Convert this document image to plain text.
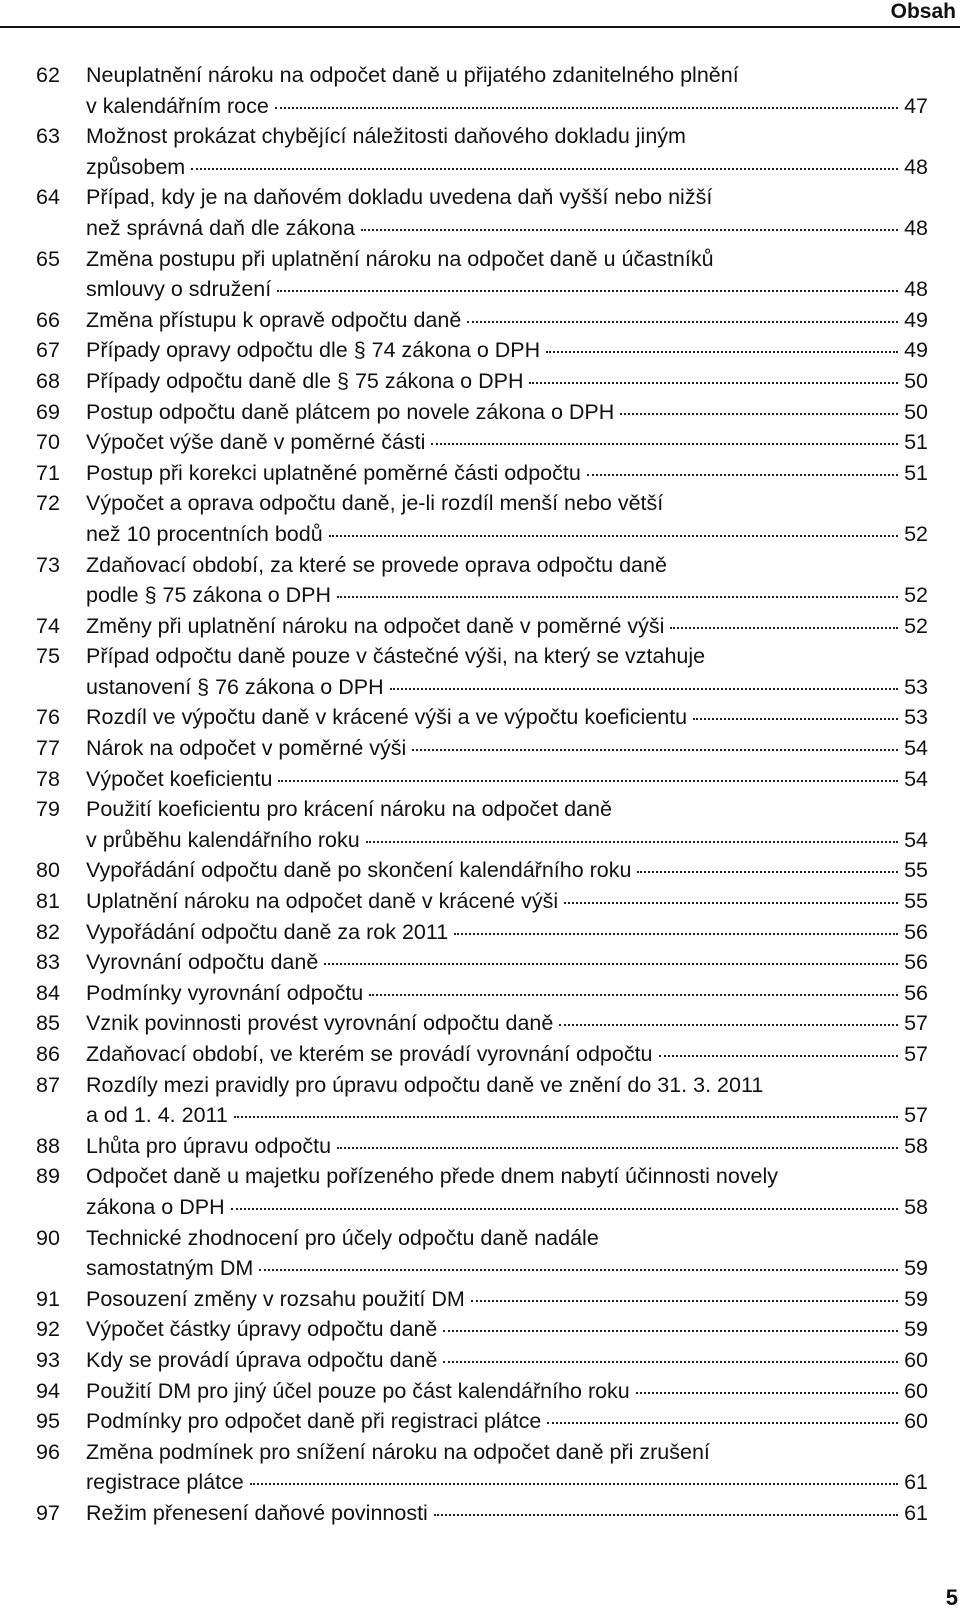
Obsah
62	Neuplatnění nároku na odpočet daně u přijatého zdanitelného plnění
v kalendářním roce	47
63	Možnost prokázat chybějící náležitosti daňového dokladu jiným
způsobem	48
64	Případ, kdy je na daňovém dokladu uvedena daň vyšší nebo nižší
než správná daň dle zákona	48
65	Změna postupu při uplatnění nároku na odpočet daně u účastníků
smlouvy o sdružení	48
66	Změna přístupu k opravě odpočtu daně	49
67	Případy opravy odpočtu dle § 74 zákona o DPH	49
68	Případy odpočtu daně dle § 75 zákona o DPH	50
69	Postup odpočtu daně plátcem po novele zákona o DPH	50
70	Výpočet výše daně v poměrné části	51
71	Postup při korekci uplatněné poměrné části odpočtu	51
72	Výpočet a oprava odpočtu daně, je-li rozdíl menší nebo větší
než 10 procentních bodů	52
73	Zdaňovací období, za které se provede oprava odpočtu daně
podle § 75 zákona o DPH	52
74	Změny při uplatnění nároku na odpočet daně v poměrné výši	52
75	Případ odpočtu daně pouze v částečné výši, na který se vztahuje
ustanovení § 76 zákona o DPH	53
76	Rozdíl ve výpočtu daně v krácené výši a ve výpočtu koeficientu	53
77	Nárok na odpočet v poměrné výši	54
78	Výpočet koeficientu	54
79	Použití koeficientu pro krácení nároku na odpočet daně
v průběhu kalendářního roku	54
80	Vypořádání odpočtu daně po skončení kalendářního roku	55
81	Uplatnění nároku na odpočet daně v krácené výši	55
82	Vypořádání odpočtu daně za rok 2011	56
83	Vyrovnání odpočtu daně	56
84	Podmínky vyrovnání odpočtu	56
85	Vznik povinnosti provést vyrovnání odpočtu daně	57
86	Zdaňovací období, ve kterém se provádí vyrovnání odpočtu	57
87	Rozdíly mezi pravidly pro úpravu odpočtu daně ve znění do 31. 3. 2011
a od 1. 4. 2011	57
88	Lhůta pro úpravu odpočtu	58
89	Odpočet daně u majetku pořízeného přede dnem nabytí účinnosti novely
zákona o DPH	58
90	Technické zhodnocení pro účely odpočtu daně nadále
samostatným DM	59
91	Posouzení změny v rozsahu použití DM	59
92	Výpočet částky úpravy odpočtu daně	59
93	Kdy se provádí úprava odpočtu daně	60
94	Použití DM pro jiný účel pouze po část kalendářního roku	60
95	Podmínky pro odpočet daně při registraci plátce	60
96	Změna podmínek pro snížení nároku na odpočet daně při zrušení
registrace plátce	61
97	Režim přenesení daňové povinnosti	61
5
